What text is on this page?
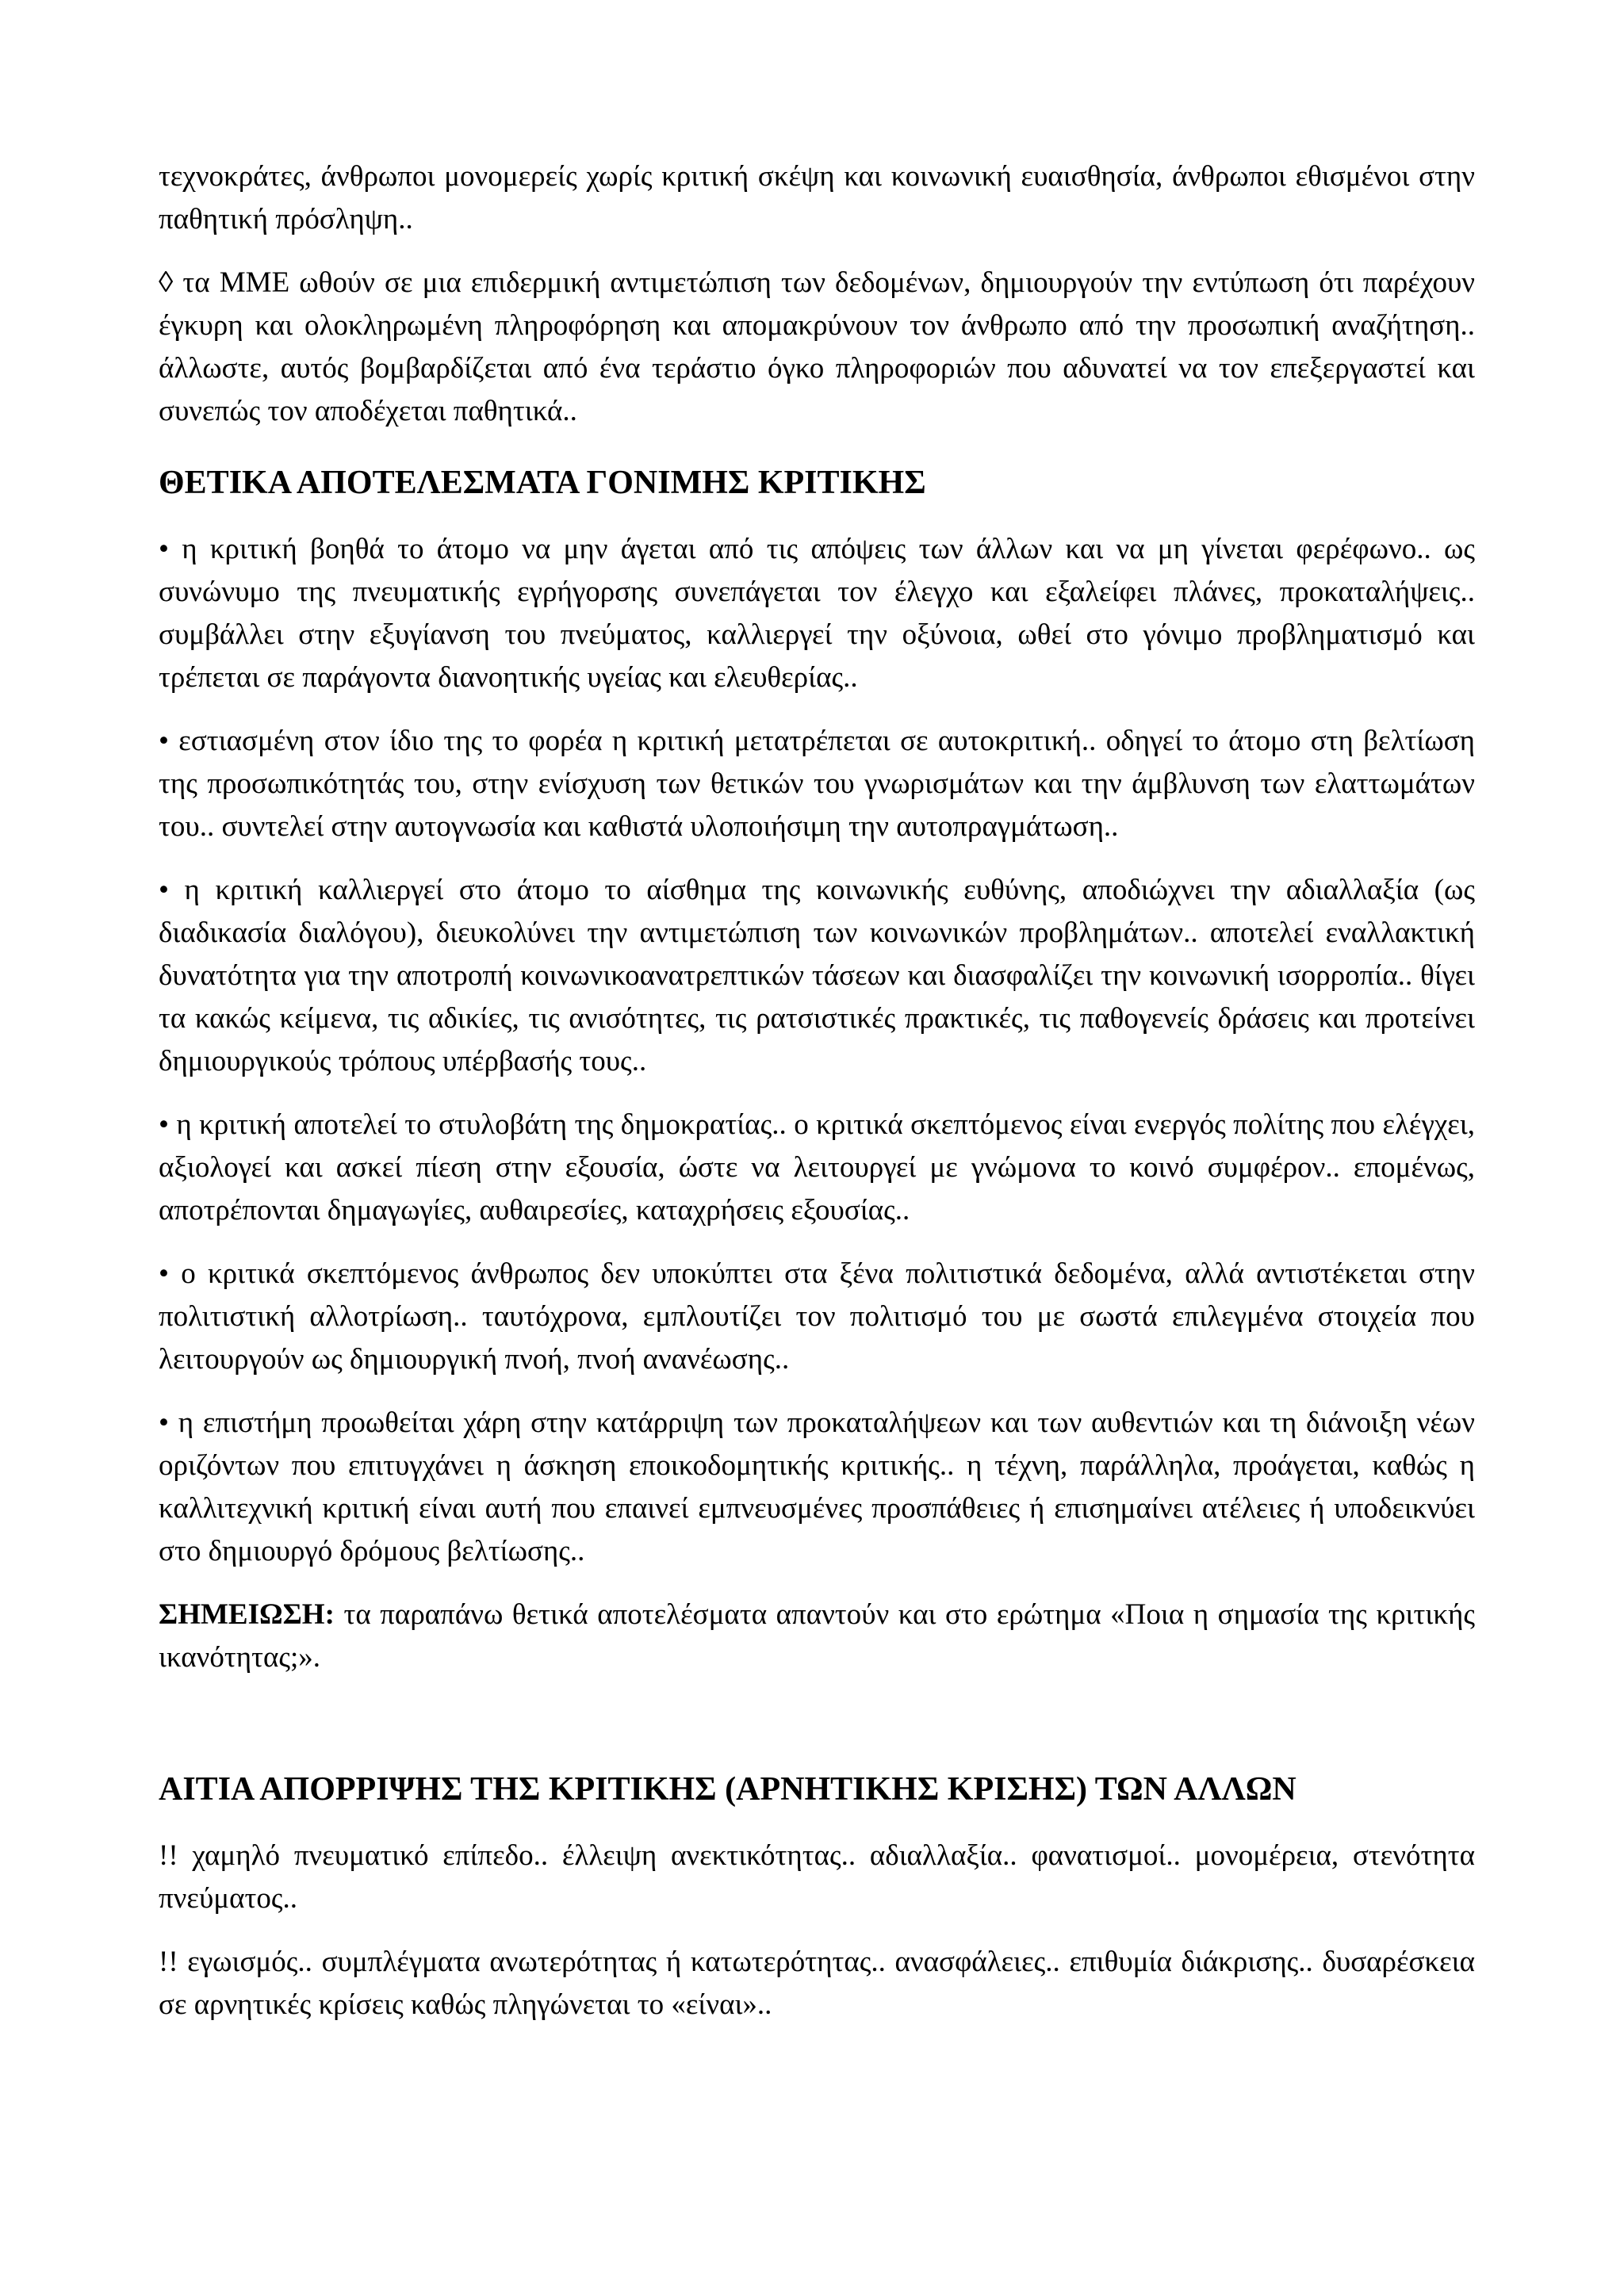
τεχνοκράτες, άνθρωποι μονομερείς χωρίς κριτική σκέψη και κοινωνική ευαισθησία, άνθρωποι εθισμένοι στην παθητική πρόσληψη..

◊ τα ΜΜΕ ωθούν σε μια επιδερμική αντιμετώπιση των δεδομένων, δημιουργούν την εντύπωση ότι παρέχουν έγκυρη και ολοκληρωμένη πληροφόρηση και απομακρύνουν τον άνθρωπο από την προσωπική αναζήτηση.. άλλωστε, αυτός βομβαρδίζεται από ένα τεράστιο όγκο πληροφοριών που αδυνατεί να τον επεξεργαστεί και συνεπώς τον αποδέχεται παθητικά..

ΘΕΤΙΚΑ ΑΠΟΤΕΛΕΣΜΑΤΑ ΓΟΝΙΜΗΣ ΚΡΙΤΙΚΗΣ

• η κριτική βοηθά το άτομο να μην άγεται από τις απόψεις των άλλων και να μη γίνεται φερέφωνο.. ως συνώνυμο της πνευματικής εγρήγορσης συνεπάγεται τον έλεγχο και εξαλείφει πλάνες, προκαταλήψεις.. συμβάλλει στην εξυγίανση του πνεύματος, καλλιεργεί την οξύνοια, ωθεί στο γόνιμο προβληματισμό και τρέπεται σε παράγοντα διανοητικής υγείας και ελευθερίας..

• εστιασμένη στον ίδιο της το φορέα η κριτική μετατρέπεται σε αυτοκριτική.. οδηγεί το άτομο στη βελτίωση της προσωπικότητάς του, στην ενίσχυση των θετικών του γνωρισμάτων και την άμβλυνση των ελαττωμάτων του.. συντελεί στην αυτογνωσία και καθιστά υλοποιήσιμη την αυτοπραγμάτωση..

• η κριτική καλλιεργεί στο άτομο το αίσθημα της κοινωνικής ευθύνης, αποδιώχνει την αδιαλλαξία (ως διαδικασία διαλόγου), διευκολύνει την αντιμετώπιση των κοινωνικών προβλημάτων.. αποτελεί εναλλακτική δυνατότητα για την αποτροπή κοινωνικοανατρεπτικών τάσεων και διασφαλίζει την κοινωνική ισορροπία.. θίγει τα κακώς κείμενα, τις αδικίες, τις ανισότητες, τις ρατσιστικές πρακτικές, τις παθογενείς δράσεις και προτείνει δημιουργικούς τρόπους υπέρβασής τους..

• η κριτική αποτελεί το στυλοβάτη της δημοκρατίας.. ο κριτικά σκεπτόμενος είναι ενεργός πολίτης που ελέγχει, αξιολογεί και ασκεί πίεση στην εξουσία, ώστε να λειτουργεί με γνώμονα το κοινό συμφέρον.. επομένως, αποτρέπονται δημαγωγίες, αυθαιρεσίες, καταχρήσεις εξουσίας..

• ο κριτικά σκεπτόμενος άνθρωπος δεν υποκύπτει στα ξένα πολιτιστικά δεδομένα, αλλά αντιστέκεται στην πολιτιστική αλλοτρίωση.. ταυτόχρονα, εμπλουτίζει τον πολιτισμό του με σωστά επιλεγμένα στοιχεία που λειτουργούν ως δημιουργική πνοή, πνοή ανανέωσης..

• η επιστήμη προωθείται χάρη στην κατάρριψη των προκαταλήψεων και των αυθεντιών και τη διάνοιξη νέων οριζόντων που επιτυγχάνει η άσκηση εποικοδομητικής κριτικής.. η τέχνη, παράλληλα, προάγεται, καθώς η καλλιτεχνική κριτική είναι αυτή που επαινεί εμπνευσμένες προσπάθειες ή επισημαίνει ατέλειες ή υποδεικνύει στο δημιουργό δρόμους βελτίωσης..

ΣΗΜΕΙΩΣΗ: τα παραπάνω θετικά αποτελέσματα απαντούν και στο ερώτημα «Ποια η σημασία της κριτικής ικανότητας;».

ΑΙΤΙΑ ΑΠΟΡΡΙΨΗΣ ΤΗΣ ΚΡΙΤΙΚΗΣ (ΑΡΝΗΤΙΚΗΣ ΚΡΙΣΗΣ) ΤΩΝ ΑΛΛΩΝ

!! χαμηλό πνευματικό επίπεδο.. έλλειψη ανεκτικότητας.. αδιαλλαξία.. φανατισμοί.. μονομέρεια, στενότητα πνεύματος..

!! εγωισμός.. συμπλέγματα ανωτερότητας ή κατωτερότητας.. ανασφάλειες.. επιθυμία διάκρισης.. δυσαρέσκεια σε αρνητικές κρίσεις καθώς πληγώνεται το «είναι»..
